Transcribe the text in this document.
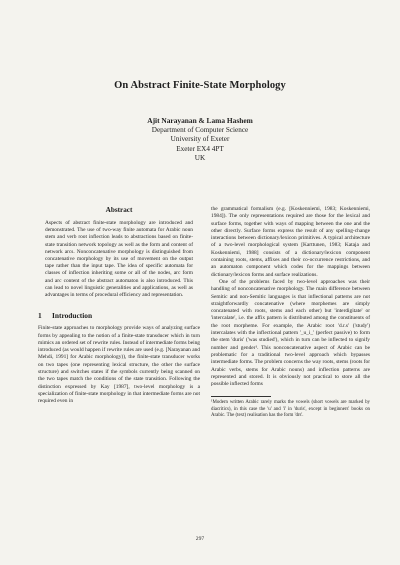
On Abstract Finite-State Morphology
Ajit Narayanan & Lama Hashem
Department of Computer Science
University of Exeter
Exeter EX4 4PT
UK
Abstract

Aspects of abstract finite-state morphology are introduced and demonstrated. The use of two-way finite automata for Arabic noun stem and verb root inflection leads to abstractions based on finite-state transition network topology as well as the form and content of network arcs. Nonconcatenative morphology is distinguished from concatenative morphology by its use of movement on the output tape rather than the input tape. The idea of specific automata for classes of inflection inheriting some or all of the nodes, arc form and arc content of the abstract automaton is also introduced. This can lead to novel linguistic generalities and applications, as well as advantages in terms of procedural efficiency and representation.

1 Introduction

Finite-state approaches to morphology provide ways of analyzing surface forms by appealing to the notion of a finite-state transducer which in turn mimics an ordered set of rewrite rules. Instead of intermediate forms being introduced (as would happen if rewrite rules are used (e.g. [Narayanan and Mehdi, 1991] for Arabic morphology)), the finite-state transducer works on two tapes (one representing lexical structure, the other the surface structure) and switches states if the symbols currently being scanned on the two tapes match the conditions of the state transition. Following the distinction expressed by Kay [1987], two-level morphology is a specialization of finite-state morphology in that intermediate forms are not required even in

the grammatical formalism (e.g. [Koskenniemi, 1983; Koskenniemi, 1984]). The only representations required are those for the lexical and surface forms, together with ways of mapping between the one and the other directly. Surface forms express the result of any spelling-change interactions between dictionary/lexicon primitives. A typical architecture of a two-level morphological system [Karttunen, 1983; Kataja and Koskenniemi, 1988] consists of a dictionary/lexicon component containing roots, stems, affixes and their co-occurrence restrictions, and an automaton component which codes for the mappings between dictionary/lexicon forms and surface realizations.

One of the problems faced by two-level approaches was their handling of nonconcatenative morphology. The main difference between Semitic and non-Semitic languages is that inflectional patterns are not straightforwardly concatenative (where morphemes are simply concatenated with roots, stems and each other) but 'interdigitate' or 'intercalate', i.e. the affix pattern is distributed among the constituents of the root morpheme. For example, the Arabic root 'd.r.s' ('study') intercalates with the inflectional pattern '_u_i_' (perfect passive) to form the stem 'duris' ('was studied'), which in turn can be inflected to signify number and gender¹. This nonconcatenative aspect of Arabic can be problematic for a traditional two-level approach which bypasses intermediate forms. The problem concerns the way roots, stems (roots for Arabic verbs, stems for Arabic nouns) and inflection patterns are represented and stored. It is obviously not practical to store all the possible inflected forms

¹Modern written Arabic rarely marks the vowels (short vowels are marked by diacritics), in this case the 'u' and 'i' in 'duris', except in beginners' books on Arabic. The (text) realisation has the form 'drs'.

297
